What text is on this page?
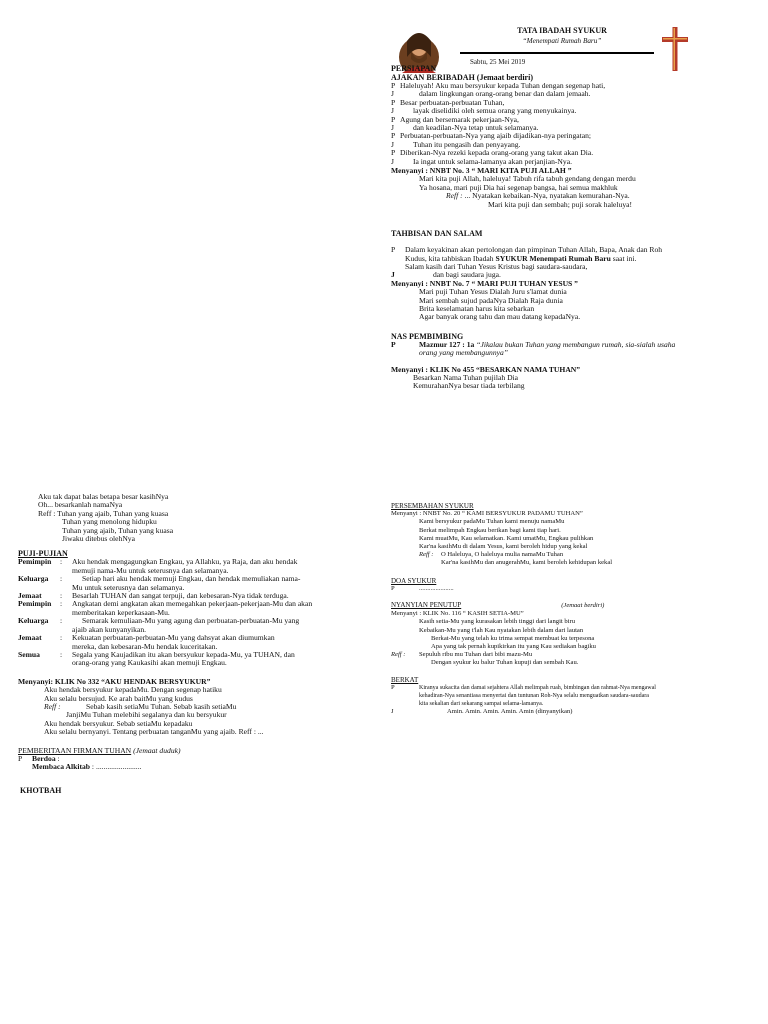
TATA IBADAH SYUKUR
“Menempati Rumah Baru”
Sabtu, 25 Mei 2019
PERSIAPAN
AJAKAN BERIBADAH (Jemaat berdiri)
P Haleluyah! Aku mau bersyukur kepada Tuhan dengan segenap hati,
J	dalam lingkungan orang-orang benar dan dalam jemaah.
P Besar perbuatan-perbuatan Tuhan,
J	layak diselidiki oleh semua orang yang menyukainya.
P Agung dan bersemarak pekerjaan-Nya,
J	dan keadilan-Nya tetap untuk selamanya.
P Perbuatan-perbuatan-Nya yang ajaib dijadikan-nya peringatan;
J	Tuhan itu pengasih dan penyayang.
P Diberikan-Nya rezeki kepada orang-orang yang takut akan Dia.
J	Ia ingat untuk selama-lamanya akan perjanjian-Nya.
Menyanyi : NNBT No. 3 “ MARI KITA PUJI ALLAH ”
Mari kita puji Allah, haleluya! Tabuh rifa tabuh gendang dengan merdu
Ya hosana, mari puji Dia hai segenap bangsa, hai semua makhluk
Reff : ... Nyatakan kebaikan-Nya, nyatakan kemurahan-Nya.
Mari kita puji dan sembah; puji sorak haleluya!
TAHBISAN DAN SALAM
P Dalam keyakinan akan pertolongan dan pimpinan Tuhan Allah, Bapa, Anak dan Roh
Kudus, kita tahbiskan Ibadah SYUKUR Menempati Rumah Baru saat ini.
Salam kasih dari Tuhan Yesus Kristus bagi saudara-saudara,
J	dan bagi saudara juga.
Menyanyi : NNBT No. 7 “ MARI PUJI TUHAN YESUS ”
Mari puji Tuhan Yesus Dialah Juru s'lamat dunia
Mari sembah sujud padaNya Dialah Raja dunia
Brita keselamatan harus kita sebarkan
Agar banyak orang tahu dan mau datang kepadaNya.
NAS PEMBIMBING
P	Mazmur 127 : 1a “Jikalau bukan Tuhan yang membangun rumah, sia-sialah usaha
orang yang membangunnya”
Menyanyi : KLIK No 455 “BESARKAN NAMA TUHAN”
Besarkan Nama Tuhan pujilah Dia
KemurahanNya besar tiada terbilang
Aku tak dapat balas betapa besar kasihNya
Oh... besarkanlah namaNya
Reff : Tuhan yang ajaib, Tuhan yang kuasa
Tuhan yang menolong hidupku
Tuhan yang ajaib, Tuhan yang kuasa
Jiwaku ditebus olehNya
PUJI-PUJIAN
Pemimpin : Aku hendak mengagungkan Engkau, ya Allahku, ya Raja, dan aku hendak
memuji nama-Mu untuk seterusnya dan selamanya.
Keluarga :	Setiap hari aku hendak memuji Engkau, dan hendak memuliakan nama-
Mu untuk seterusnya dan selamanya.
Jemaat : Besarlah TUHAN dan sangat terpuji, dan kebesaran-Nya tidak terduga.
Pemimpin : Angkatan demi angkatan akan memegahkan pekerjaan-pekerjaan-Mu dan akan
memberitakan keperkasaan-Mu.
Keluarga :	Semarak kemuliaan-Mu yang agung dan perbuatan-perbuatan-Mu yang
ajaib akan kunyanyikan.
Jemaat : Kekuatan perbuatan-perbuatan-Mu yang dahsyat akan diumumkan
mereka, dan kebesaran-Mu hendak kuceritakan.
Semua	: Segala yang Kaujadikan itu akan bersyukur kepada-Mu, ya TUHAN, dan
orang-orang yang Kaukasihi akan memuji Engkau.
Menyanyi: KLIK No 332 “AKU HENDAK BERSYUKUR”
Aku hendak bersyukur kepadaMu. Dengan segenap hatiku
Aku selalu bersujud. Ke arah baitMu yang kudus
Reff :	Sebab kasih setiaMu Tuhan. Sebab kasih setiaMu
JanjiMu Tuhan melebihi segalanya dan ku bersyukur
Aku hendak bersyukur. Sebab setiaMu kepadaku
Aku selalu bernyanyi. Tentang perbuatan tanganMu yang ajaib. Reff : ...
PEMBERITAAN FIRMAN TUHAN (Jemaat duduk)
P Berdoa :
Membaca Alkitab : ........................
KHOTBAH
PERSEMBAHAN SYUKUR
Menyanyi : NNBT No. 20 “ KAMI BERSYUKUR PADAMU TUHAN”
Kami bersyukur padaMu Tuhan kami menuju namaMu
Berkat melimpah Engkau berikan bagi kami tiap hari.
Kami muatMu, Kau selamatkan. Kami umatMu, Engkau pulihkan
Kar'na kasihMu di dalam Yesus, kami beroleh hidup yang kekal
Reff : O Haleluya, O haleluya mulia namaMu Tuhan
Kar'na kasihMu dan anugerahMu, kami beroleh kehidupan kekal
DOA SYUKUR
P	.....................
NYANYIAN PENUTUP	(Jemaat berdiri)
Menyanyi : KLIK No. 116 “ KASIH SETIA-MU”
Kasih setia-Mu yang kurasakan lebih tinggi dari langit biru
Kebaikan-Mu yang t'lah Kau nyatakan lebih dalam dari lautan
Berkat-Mu yang telah ku trima sempat membuat ku terpesona
Apa yang tak pernah kupikirkan itu yang Kau sediakan bagiku
Reff : Sepuluh ribu mu Tuhan dari bibi mazu-Mu
Dengan syukur ku balur Tuhan kupuji dan sembah Kau.
BERKAT
P	Kiranya sukacita dan damai sejahtera Allah melimpah ruah, bimbingan dan rahmat-Nya mengawal
kehadiran-Nya senantiasa menyertai dan tuntunan Roh-Nya selalu menguatkan saudara-saudara
kita sekalian dari sekarang sampai selama-lamanya.
J	Amin. Amin. Amin. Amin. Amin (dinyanyikan)
